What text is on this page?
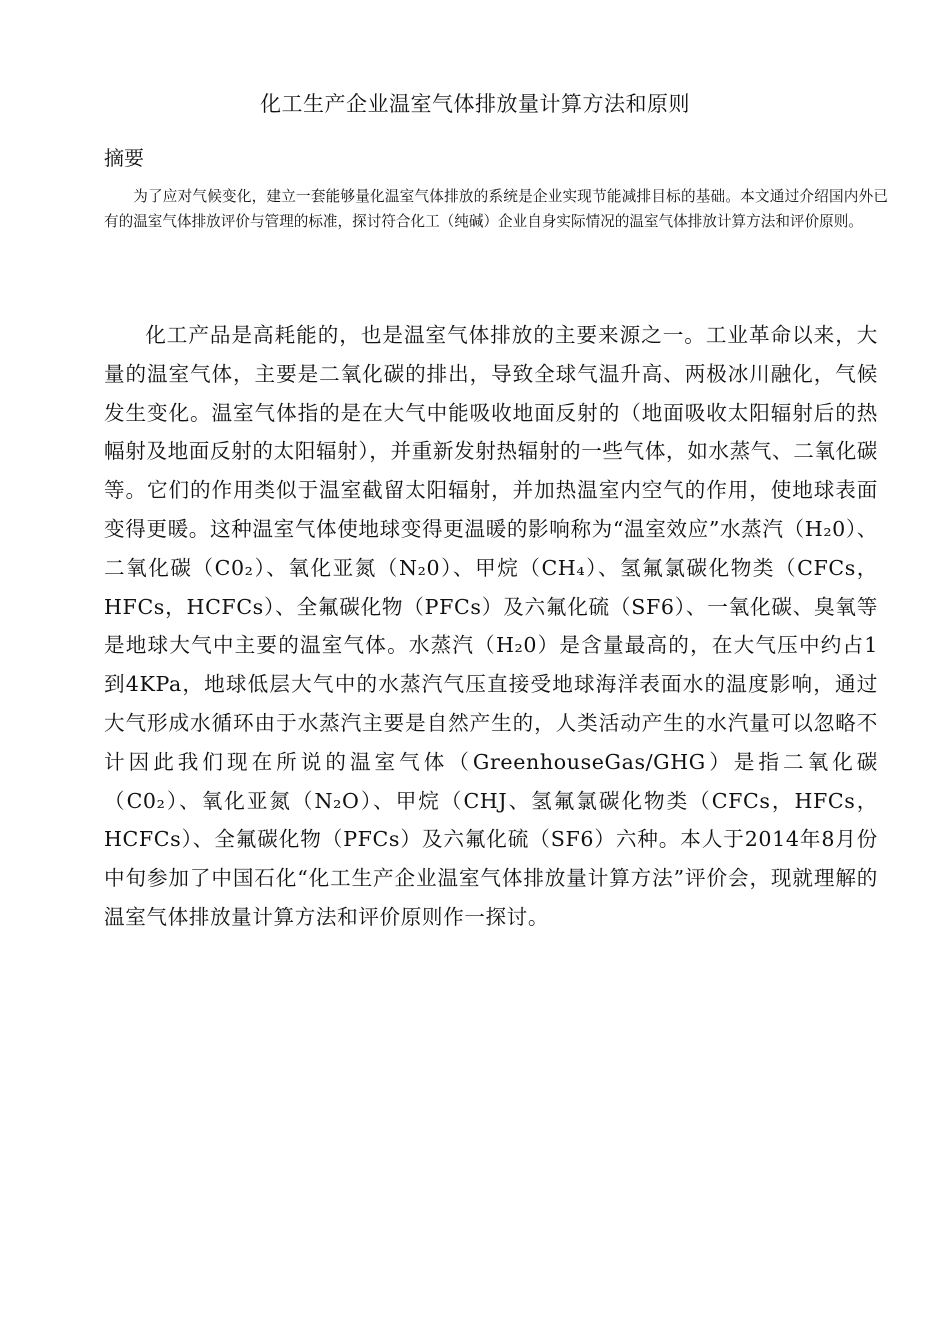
化工生产企业温室气体排放量计算方法和原则
摘要
为了应对气候变化，建立一套能够量化温室气体排放的系统是企业实现节能减排目标的基础。本文通过介绍国内外已有的温室气体排放评价与管理的标准，探讨符合化工（纯碱）企业自身实际情况的温室气体排放计算方法和评价原则。
化工产品是高耗能的，也是温室气体排放的主要来源之一。工业革命以来，大量的温室气体，主要是二氧化碳的排出，导致全球气温升高、两极冰川融化，气候发生变化。温室气体指的是在大气中能吸收地面反射的（地面吸收太阳辐射后的热幅射及地面反射的太阳辐射），并重新发射热辐射的一些气体，如水蒸气、二氧化碳等。它们的作用类似于温室截留太阳辐射，并加热温室内空气的作用，使地球表面变得更暖。这种温室气体使地球变得更温暖的影响称为“温室效应”水蒸汽（H₂0）、二氧化碳（C0₂）、氧化亚氮（N₂0）、甲烷（CH₄）、氢氟氯碳化物类（CFCs，HFCs，HCFCs）、全氟碳化物（PFCs）及六氟化硫（SF6）、一氧化碳、臭氧等是地球大气中主要的温室气体。水蒸汽（H₂0）是含量最高的，在大气压中约占1到4KPa，地球低层大气中的水蒸汽气压直接受地球海洋表面水的温度影响，通过大气形成水循环由于水蒸汽主要是自然产生的，人类活动产生的水汽量可以忽略不计因此我们现在所说的温室气体（GreenhouseGas/GHG）是指二氧化碳（C0₂）、氧化亚氮（N₂O）、甲烷（CHJ、氢氟氯碳化物类（CFCs，HFCs，HCFCs）、全氟碳化物（PFCs）及六氟化硫（SF6）六种。本人于2014年8月份中旬参加了中国石化“化工生产企业温室气体排放量计算方法”评价会，现就理解的温室气体排放量计算方法和评价原则作一探讨。
